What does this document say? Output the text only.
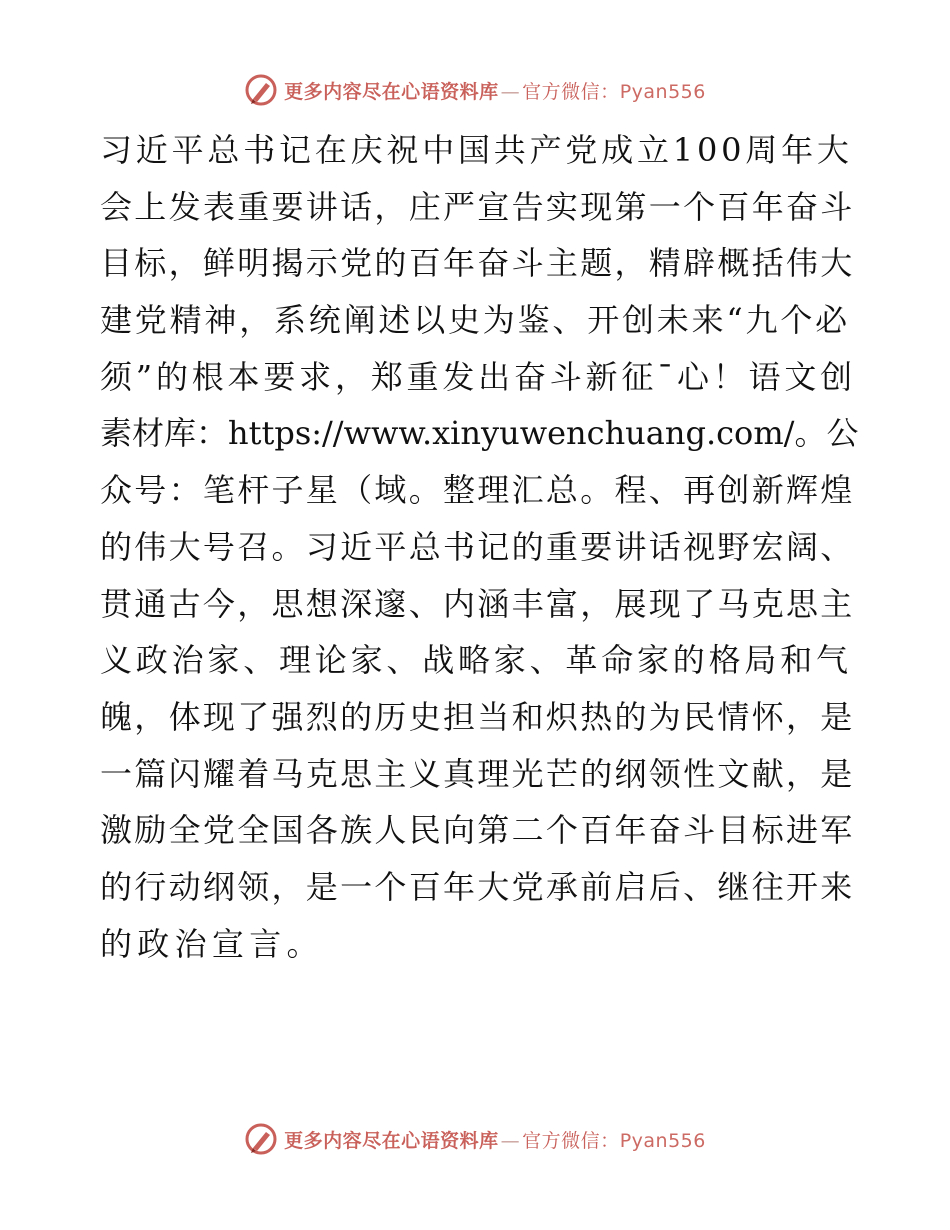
更多内容尽在心语资料库 — 官方微信：Pyan556
习近平总书记在庆祝中国共产党成立100周年大
会上发表重要讲话，庄严宣告实现第一个百年奋斗
目标，鲜明揭示党的百年奋斗主题，精辟概括伟大
建党精神，系统阐述以史为鉴、开创未来“九个必
须”的根本要求，郑重发出奋斗新征¯心！语文创
素材库：https://www.xinyuwenchuang.com/。公
众号：笔杆子星（域。整理汇总。程、再创新辉煌
的伟大号召。习近平总书记的重要讲话视野宏阔、
贯通古今，思想深邃、内涵丰富，展现了马克思主
义政治家、理论家、战略家、革命家的格局和气
魄，体现了强烈的历史担当和炽热的为民情怀，是
一篇闪耀着马克思主义真理光芒的纲领性文献，是
激励全党全国各族人民向第二个百年奋斗目标进军
的行动纲领，是一个百年大党承前启后、继往开来
的政治宣言。
更多内容尽在心语资料库 — 官方微信：Pyan556
